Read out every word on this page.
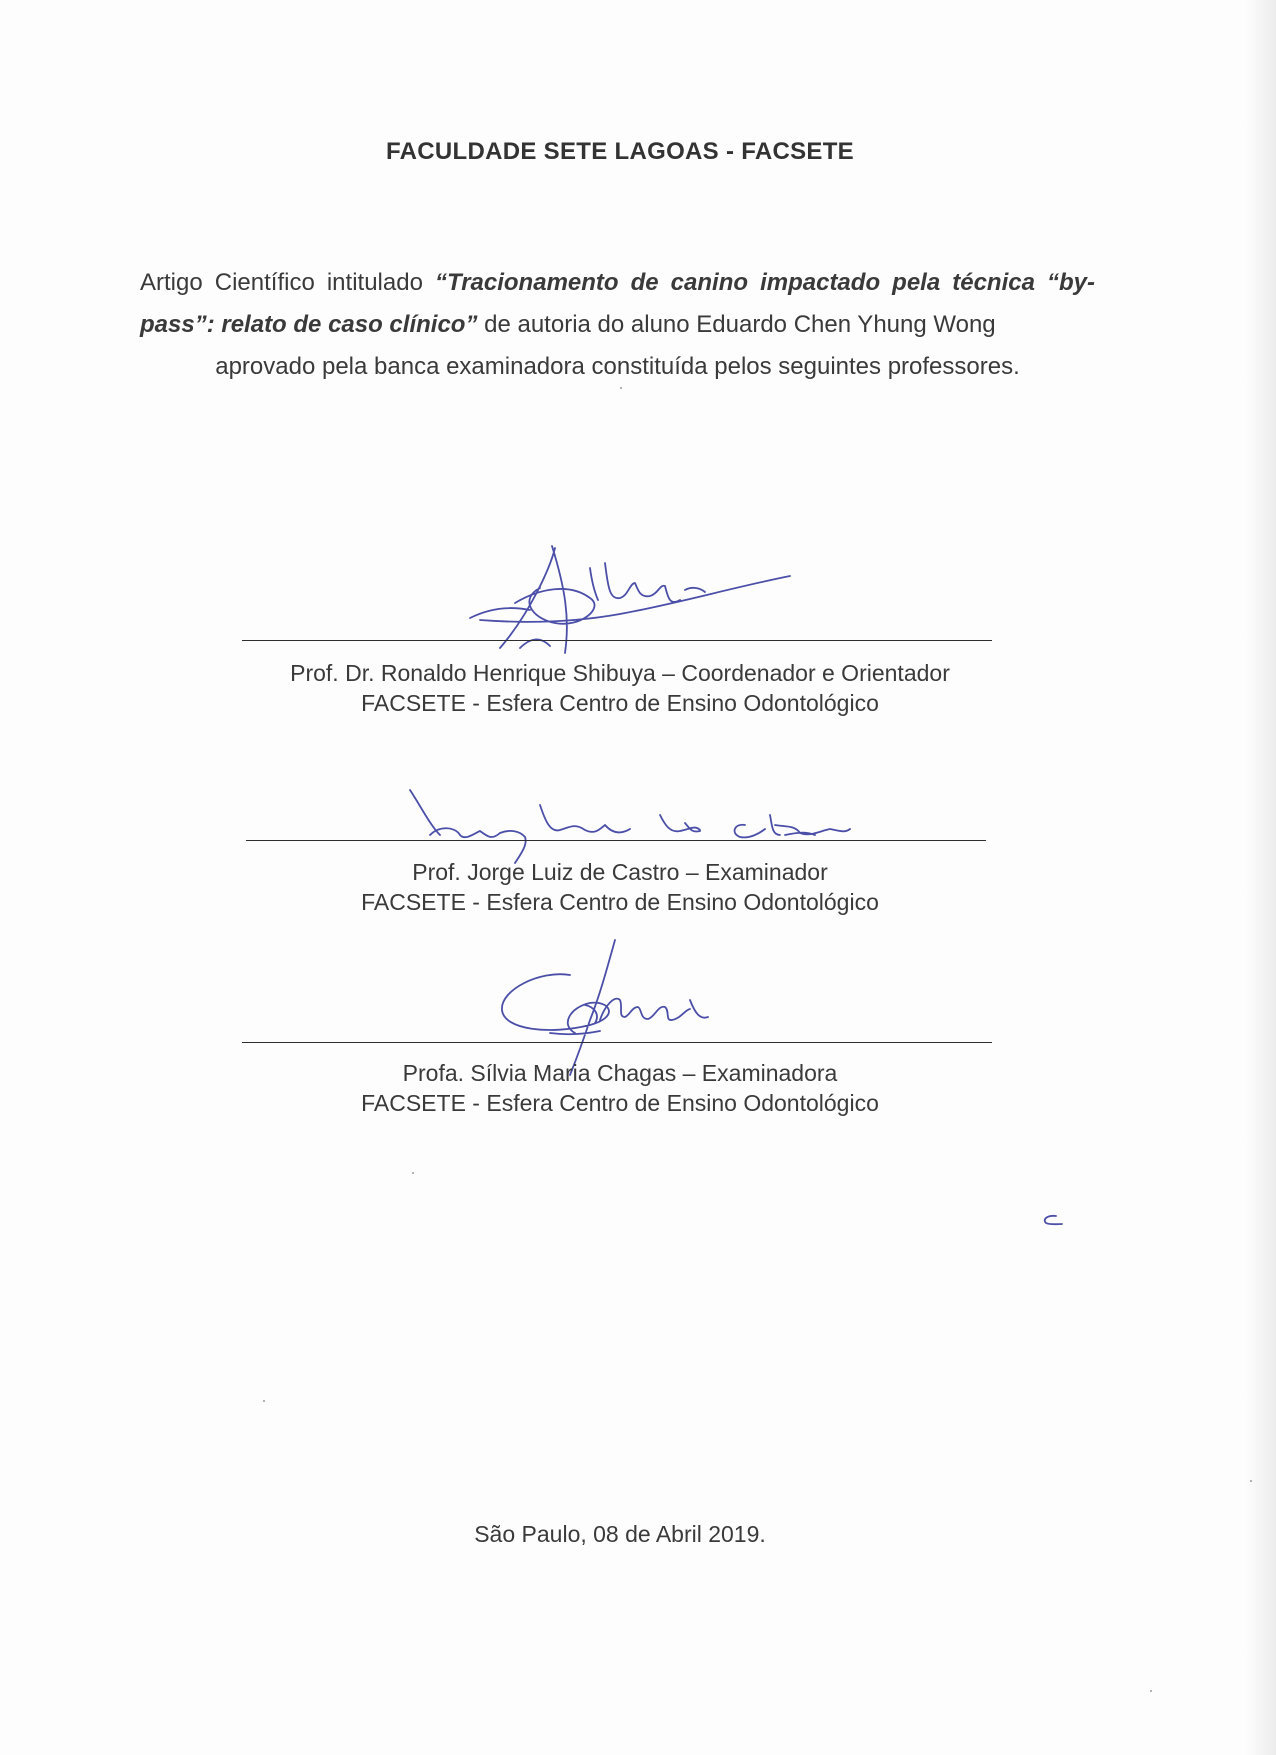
FACULDADE SETE LAGOAS - FACSETE
Artigo Científico intitulado “Tracionamento de canino impactado pela técnica “by-pass”: relato de caso clínico” de autoria do aluno Eduardo Chen Yhung Wong
aprovado pela banca examinadora constituída pelos seguintes professores.
Prof. Dr. Ronaldo Henrique Shibuya – Coordenador e Orientador
FACSETE - Esfera Centro de Ensino Odontológico
Prof. Jorge Luiz de Castro – Examinador
FACSETE - Esfera Centro de Ensino Odontológico
Profa. Sílvia Maria Chagas – Examinadora
FACSETE - Esfera Centro de Ensino Odontológico
São Paulo, 08 de Abril 2019.
